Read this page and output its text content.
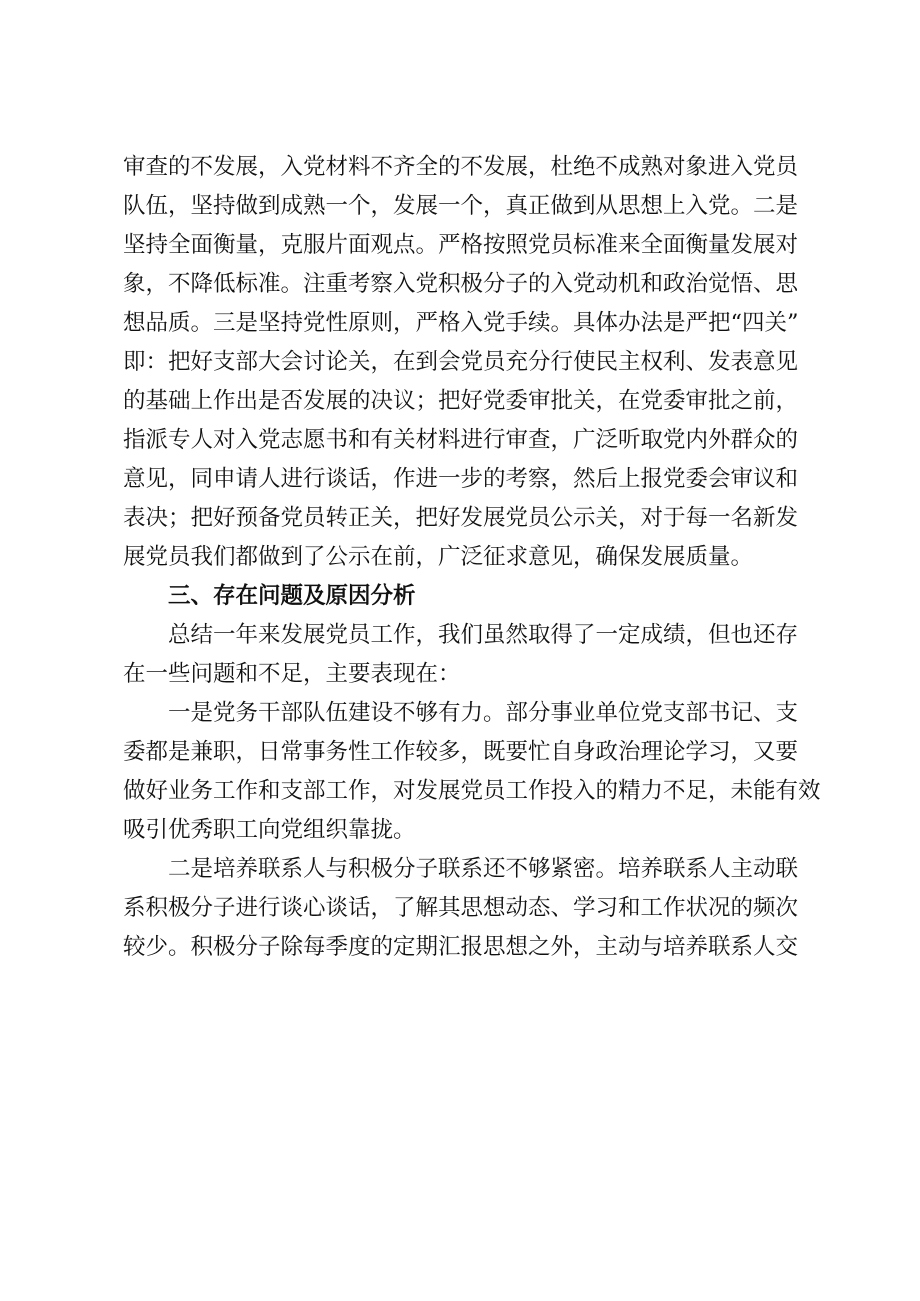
审查的不发展，入党材料不齐全的不发展，杜绝不成熟对象进入党员
队伍，坚持做到成熟一个，发展一个，真正做到从思想上入党。二是
坚持全面衡量，克服片面观点。严格按照党员标准来全面衡量发展对
象，不降低标准。注重考察入党积极分子的入党动机和政治觉悟、思
想品质。三是坚持党性原则，严格入党手续。具体办法是严把“四关”
即：把好支部大会讨论关，在到会党员充分行使民主权利、发表意见
的基础上作出是否发展的决议；把好党委审批关，在党委审批之前，
指派专人对入党志愿书和有关材料进行审查，广泛听取党内外群众的
意见，同申请人进行谈话，作进一步的考察，然后上报党委会审议和
表决；把好预备党员转正关，把好发展党员公示关，对于每一名新发
展党员我们都做到了公示在前，广泛征求意见，确保发展质量。
三、存在问题及原因分析
总结一年来发展党员工作，我们虽然取得了一定成绩，但也还存
在一些问题和不足，主要表现在：
一是党务干部队伍建设不够有力。部分事业单位党支部书记、支
委都是兼职，日常事务性工作较多，既要忙自身政治理论学习，又要
做好业务工作和支部工作，对发展党员工作投入的精力不足，未能有效
吸引优秀职工向党组织靠拢。
二是培养联系人与积极分子联系还不够紧密。培养联系人主动联
系积极分子进行谈心谈话，了解其思想动态、学习和工作状况的频次
较少。积极分子除每季度的定期汇报思想之外，主动与培养联系人交
